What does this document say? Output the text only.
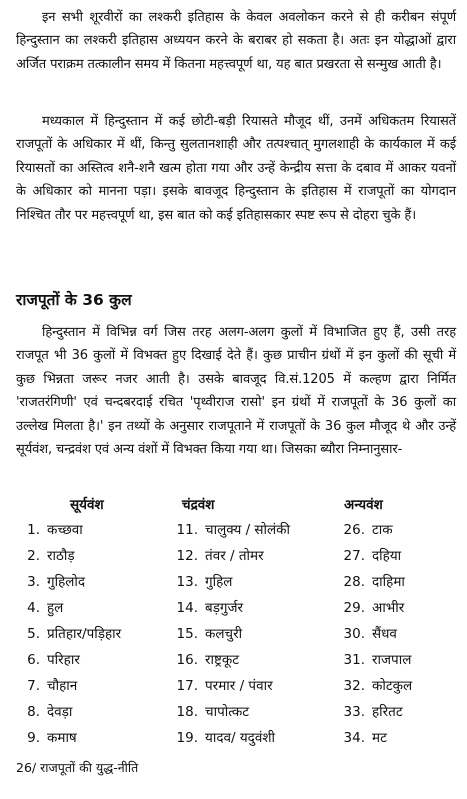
इन सभी शूरवीरों का लश्करी इतिहास के केवल अवलोकन करने से ही करीबन संपूर्ण हिन्दुस्तान का लश्करी इतिहास अध्ययन करने के बराबर हो सकता है। अतः इन योद्धाओं द्वारा अर्जित पराक्रम तत्कालीन समय में कितना महत्त्वपूर्ण था, यह बात प्रखरता से सन्मुख आती है।

मध्यकाल में हिन्दुस्तान में कई छोटी-बड़ी रियासते मौजूद थीं, उनमें अधिकतम रियासतें राजपूतों के अधिकार में थीं, किन्तु सुलतानशाही और तत्पश्चात् मुगलशाही के कार्यकाल में कई रियासतों का अस्तित्व शनै-शनै खत्म होता गया और उन्हें केन्द्रीय सत्ता के दबाव में आकर यवनों के अधिकार को मानना पड़ा। इसके बावजूद हिन्दुस्तान के इतिहास में राजपूतों का योगदान निश्चित तौर पर महत्त्वपूर्ण था, इस बात को कई इतिहासकार स्पष्ट रूप से दोहरा चुके हैं।

राजपूतों के 36 कुल

हिन्दुस्तान में विभिन्न वर्ग जिस तरह अलग-अलग कुलों में विभाजित हुए हैं, उसी तरह राजपूत भी 36 कुलों में विभक्त हुए दिखाई देते हैं। कुछ प्राचीन ग्रंथों में इन कुलों की सूची में कुछ भिन्नता जरूर नजर आती है। उसके बावजूद वि.सं.1205 में कल्हण द्वारा निर्मित 'राजतरंगिणी' एवं चन्दबरदाई रचित 'पृथ्वीराज रासो' इन ग्रंथों में राजपूतों के 36 कुलों का उल्लेख मिलता है।' इन तथ्यों के अनुसार राजपूताने में राजपूतों के 36 कुल मौजूद थे और उन्हें सूर्यवंश, चन्द्रवंश एवं अन्य वंशों में विभक्त किया गया था। जिसका ब्यौरा निम्नानुसार-

सूर्यवंश	चंद्रवंश	अन्यवंश
1. कच्छवा
2. राठौड़
3. गुहिलोद
4. हुल
5. प्रतिहार/पड़िहार
6. परिहार
7. चौहान
8. देवड़ा
9. कमाष
11. चालुक्य / सोलंकी
12. तंवर / तोमर
13. गुहिल
14. बड़गुर्जर
15. कलचुरी
16. राष्ट्रकूट
17. परमार / पंवार
18. चापोत्कट
19. यादव/ यदुवंशी
26. टाक
27. दहिया
28. दाहिमा
29. आभीर
30. सैंधव
31. राजपाल
32. कोटकुल
33. हरितट
34. मट

26/ राजपूतों की युद्ध-नीति
